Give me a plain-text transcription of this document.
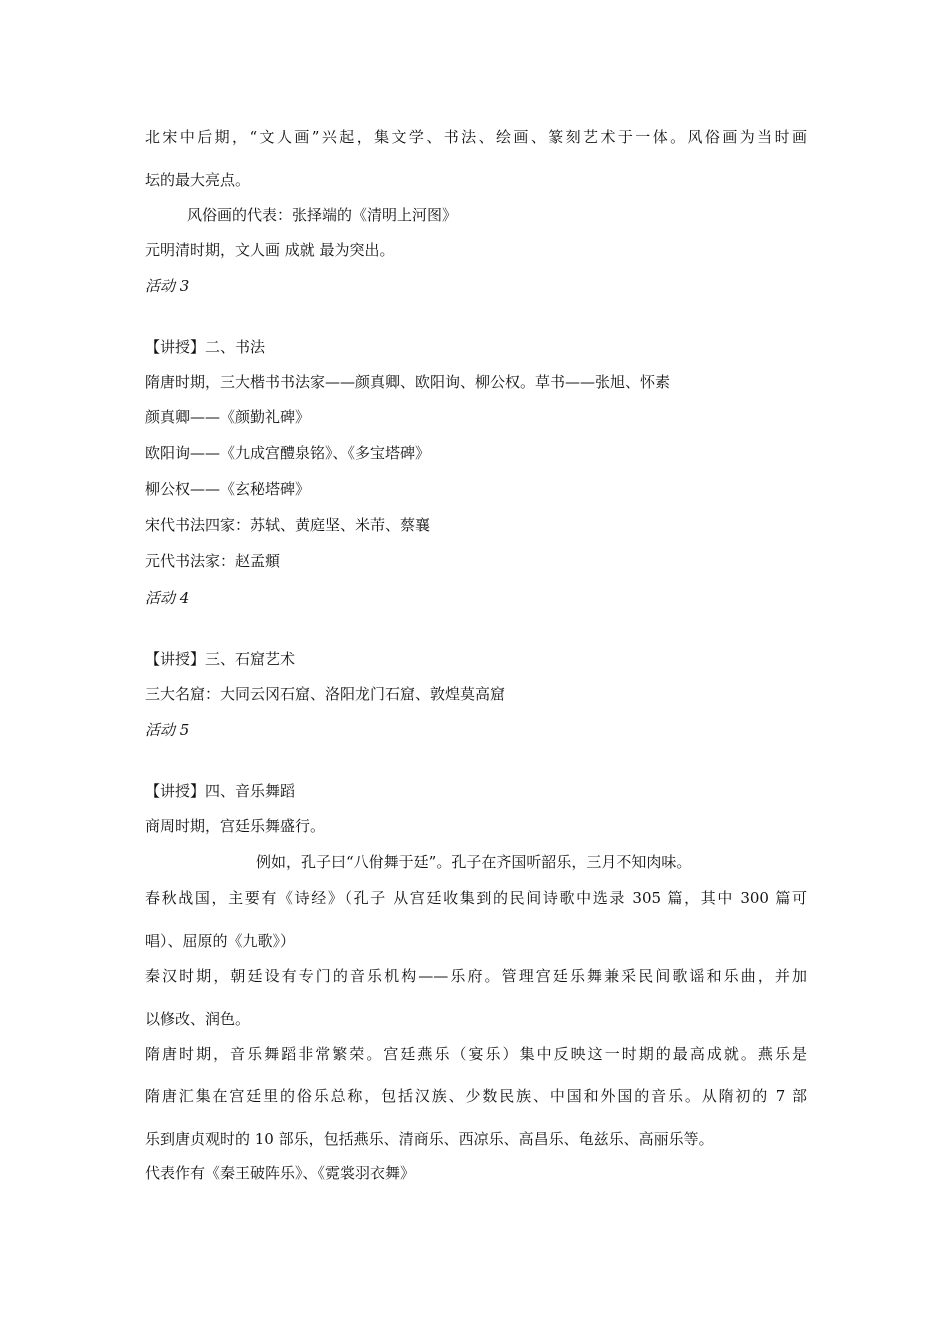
北宋中后期，“文人画”兴起，集文学、书法、绘画、篆刻艺术于一体。风俗画为当时画
坛的最大亮点。
风俗画的代表：张择端的《清明上河图》
元明清时期，文人画 成就 最为突出。
活动 3
【讲授】二、书法
隋唐时期，三大楷书书法家——颜真卿、欧阳询、柳公权。草书——张旭、怀素
颜真卿——《颜勤礼碑》
欧阳询——《九成宫醴泉铭》、《多宝塔碑》
柳公权——《玄秘塔碑》
宋代书法四家：苏轼、黄庭坚、米芾、蔡襄
元代书法家：赵孟頫
活动 4
【讲授】三、石窟艺术
三大名窟：大同云冈石窟、洛阳龙门石窟、敦煌莫高窟
活动 5
【讲授】四、音乐舞蹈
商周时期，宫廷乐舞盛行。
例如，孔子曰“八佾舞于廷”。孔子在齐国听韶乐，三月不知肉味。
春秋战国，主要有《诗经》（孔子 从宫廷收集到的民间诗歌中选录 305 篇，其中 300 篇可
唱）、屈原的《九歌》）
秦汉时期，朝廷设有专门的音乐机构——乐府。管理宫廷乐舞兼采民间歌谣和乐曲，并加
以修改、润色。
隋唐时期，音乐舞蹈非常繁荣。宫廷燕乐（宴乐）集中反映这一时期的最高成就。燕乐是
隋唐汇集在宫廷里的俗乐总称，包括汉族、少数民族、中国和外国的音乐。从隋初的 7 部
乐到唐贞观时的 10 部乐，包括燕乐、清商乐、西凉乐、高昌乐、龟兹乐、高丽乐等。
代表作有《秦王破阵乐》、《霓裳羽衣舞》
